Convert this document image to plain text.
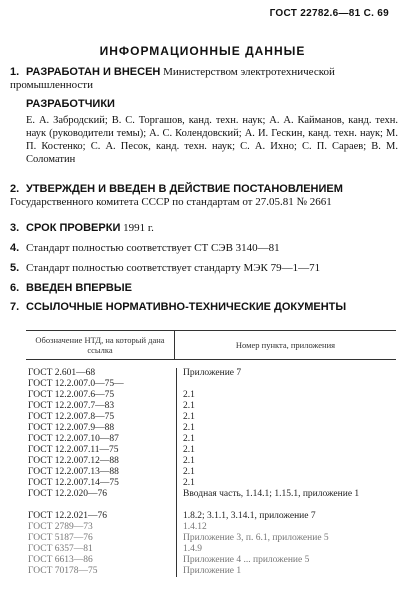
ГОСТ 22782.6—81 С. 69
ИНФОРМАЦИОННЫЕ ДАННЫЕ
1. РАЗРАБОТАН И ВНЕСЕН Министерством электротехнической промышленности
РАЗРАБОТЧИКИ
Е. А. Забродский; В. С. Торгашов, канд. техн. наук; А. А. Кайманов, канд. техн. наук (руководители темы); А. С. Колендовский; А. И. Гескин, канд. техн. наук; М. П. Костенко; С. А. Песок, канд. техн. наук; С. А. Ихно; С. П. Сараев; В. М. Соломатин
2. УТВЕРЖДЕН И ВВЕДЕН В ДЕЙСТВИЕ ПОСТАНОВЛЕНИЕМ Государственного комитета СССР по стандартам от 27.05.81 № 2661
3. СРОК ПРОВЕРКИ 1991 г.
4. Стандарт полностью соответствует СТ СЭВ 3140—81
5. Стандарт полностью соответствует стандарту МЭК 79—1—71
6. ВВЕДЕН ВПЕРВЫЕ
7. ССЫЛОЧНЫЕ НОРМАТИВНО-ТЕХНИЧЕСКИЕ ДОКУМЕНТЫ
Обозначение НТД, на который дана ссылка	Номер пункта, приложения
ГОСТ 2.601—68	Приложение 7
ГОСТ 12.2.007.0—75—
ГОСТ 12.2.007.6—75	2.1
ГОСТ 12.2.007.7—83	2.1
ГОСТ 12.2.007.8—75	2.1
ГОСТ 12.2.007.9—88	2.1
ГОСТ 12.2.007.10—87	2.1
ГОСТ 12.2.007.11—75	2.1
ГОСТ 12.2.007.12—88	2.1
ГОСТ 12.2.007.13—88	2.1
ГОСТ 12.2.007.14—75	2.1
ГОСТ 12.2.020—76	Вводная часть, 1.14.1; 1.15.1, приложение 1
ГОСТ 12.2.021—76	1.8.2; 3.1.1, 3.14.1, приложение 7
ГОСТ 2789—73	1.4.12
ГОСТ 5187—76	Приложение 3, п. 6.1, приложение 5
ГОСТ 6357—81	1.4.9
ГОСТ 6613—86	Приложение 4 ... приложение 5
ГОСТ 70178—75	Приложение 1
